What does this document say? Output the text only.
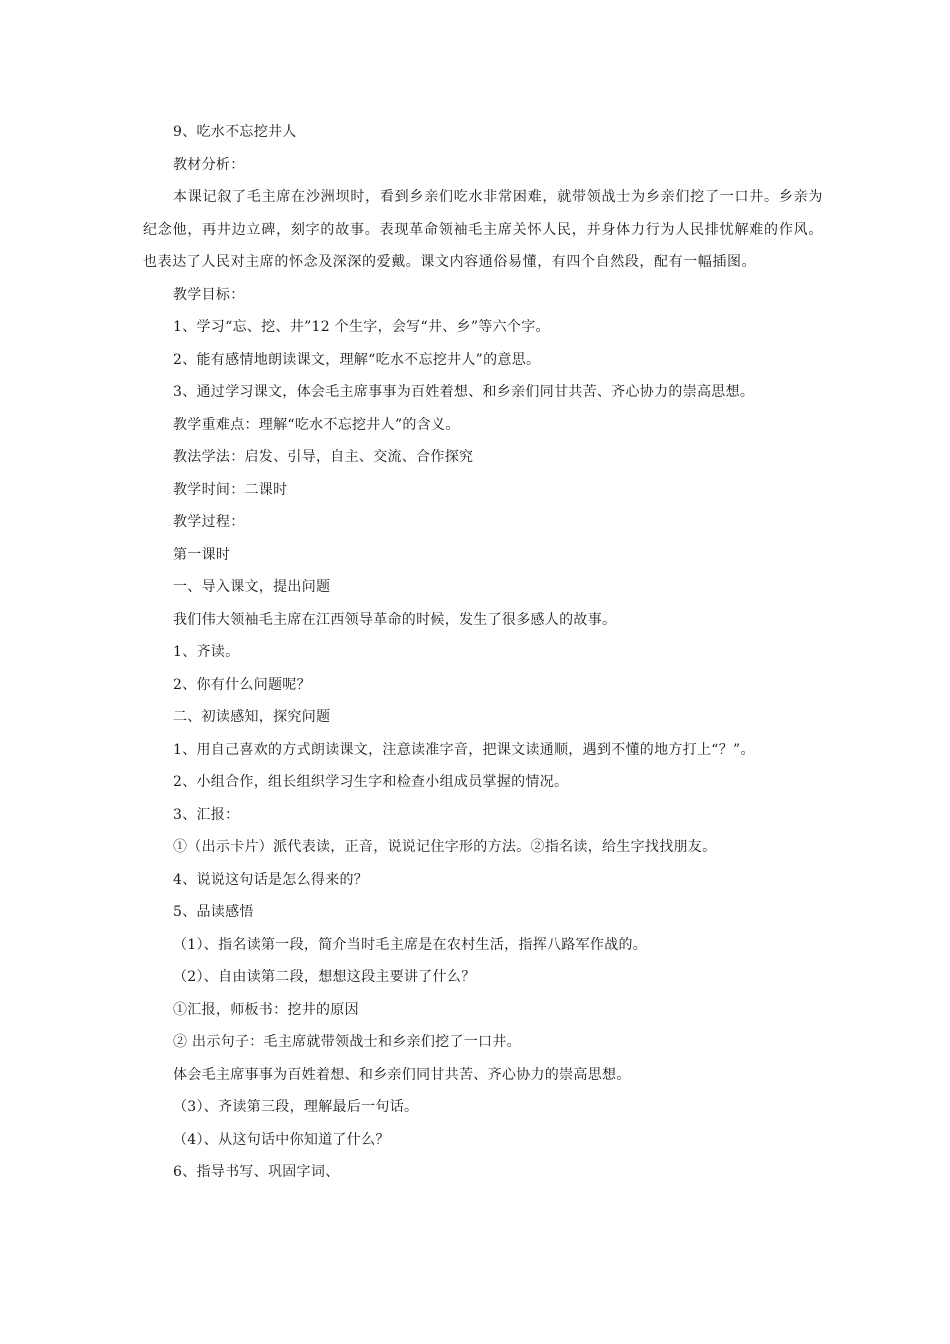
9、吃水不忘挖井人
教材分析：
本课记叙了毛主席在沙洲坝时，看到乡亲们吃水非常困难，就带领战士为乡亲们挖了一口井。乡亲为纪念他，再井边立碑，刻字的故事。表现革命领袖毛主席关怀人民，并身体力行为人民排忧解难的作风。也表达了人民对主席的怀念及深深的爱戴。课文内容通俗易懂，有四个自然段，配有一幅插图。
教学目标：
1、学习“忘、挖、井”12 个生字，会写“井、乡”等六个字。
2、能有感情地朗读课文，理解“吃水不忘挖井人”的意思。
3、通过学习课文，体会毛主席事事为百姓着想、和乡亲们同甘共苦、齐心协力的崇高思想。
教学重难点：理解“吃水不忘挖井人”的含义。
教法学法：启发、引导，自主、交流、合作探究
教学时间：二课时
教学过程：
第一课时
一、导入课文，提出问题
我们伟大领袖毛主席在江西领导革命的时候，发生了很多感人的故事。
1、齐读。
2、你有什么问题呢？
二、初读感知，探究问题
1、用自己喜欢的方式朗读课文，注意读准字音，把课文读通顺，遇到不懂的地方打上“？”。
2、小组合作，组长组织学习生字和检查小组成员掌握的情况。
3、汇报：
①（出示卡片）派代表读，正音，说说记住字形的方法。②指名读，给生字找找朋友。
4、说说这句话是怎么得来的？
5、品读感悟
（1）、指名读第一段，简介当时毛主席是在农村生活，指挥八路军作战的。
（2）、自由读第二段，想想这段主要讲了什么？
①汇报，师板书：挖井的原因
② 出示句子：毛主席就带领战士和乡亲们挖了一口井。
体会毛主席事事为百姓着想、和乡亲们同甘共苦、齐心协力的崇高思想。
（3）、齐读第三段，理解最后一句话。
（4）、从这句话中你知道了什么？
6、指导书写、巩固字词、
